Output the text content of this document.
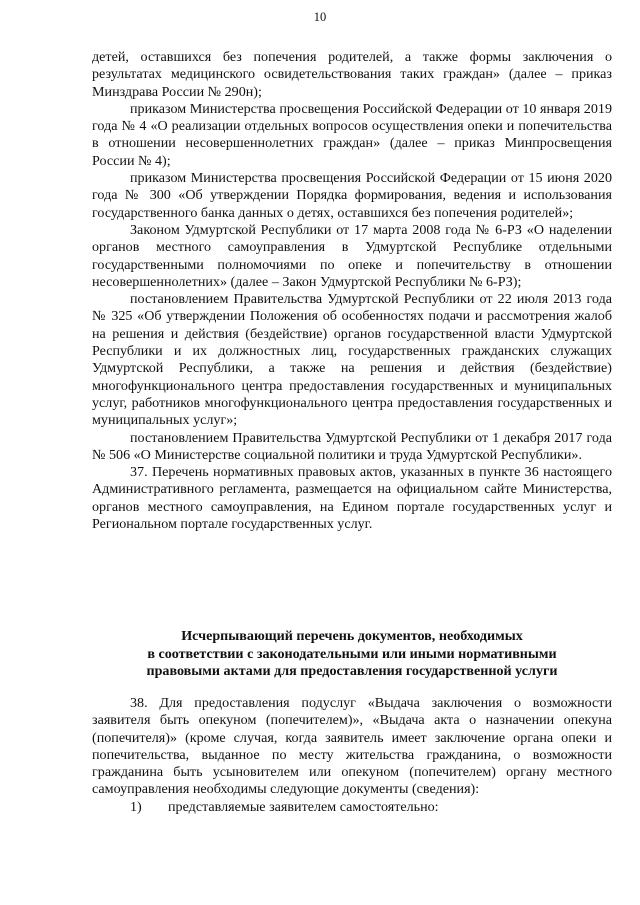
10

детей, оставшихся без попечения родителей, а также формы заключения о результатах медицинского освидетельствования таких граждан» (далее – приказ Минздрава России № 290н);

приказом Министерства просвещения Российской Федерации от 10 января 2019 года № 4 «О реализации отдельных вопросов осуществления опеки и попечительства в отношении несовершеннолетних граждан» (далее – приказ Минпросвещения России № 4);

приказом Министерства просвещения Российской Федерации от 15 июня 2020 года № 300 «Об утверждении Порядка формирования, ведения и использования государственного банка данных о детях, оставшихся без попечения родителей»;

Законом Удмуртской Республики от 17 марта 2008 года № 6-РЗ «О наделении органов местного самоуправления в Удмуртской Республике отдельными государственными полномочиями по опеке и попечительству в отношении несовершеннолетних» (далее – Закон Удмуртской Республики № 6-РЗ);

постановлением Правительства Удмуртской Республики от 22 июля 2013 года № 325 «Об утверждении Положения об особенностях подачи и рассмотрения жалоб на решения и действия (бездействие) органов государственной власти Удмуртской Республики и их должностных лиц, государственных гражданских служащих Удмуртской Республики, а также на решения и действия (бездействие) многофункционального центра предоставления государственных и муниципальных услуг, работников многофункционального центра предоставления государственных и муниципальных услуг»;

постановлением Правительства Удмуртской Республики от 1 декабря 2017 года № 506 «О Министерстве социальной политики и труда Удмуртской Республики».

37. Перечень нормативных правовых актов, указанных в пункте 36 настоящего Административного регламента, размещается на официальном сайте Министерства, органов местного самоуправления, на Едином портале государственных услуг и Региональном портале государственных услуг.

Исчерпывающий перечень документов, необходимых
в соответствии с законодательными или иными нормативными
правовыми актами для предоставления государственной услуги

38. Для предоставления подуслуг «Выдача заключения о возможности заявителя быть опекуном (попечителем)», «Выдача акта о назначении опекуна (попечителя)» (кроме случая, когда заявитель имеет заключение органа опеки и попечительства, выданное по месту жительства гражданина, о возможности гражданина быть усыновителем или опекуном (попечителем) органу местного самоуправления необходимы следующие документы (сведения):

1) представляемые заявителем самостоятельно:
